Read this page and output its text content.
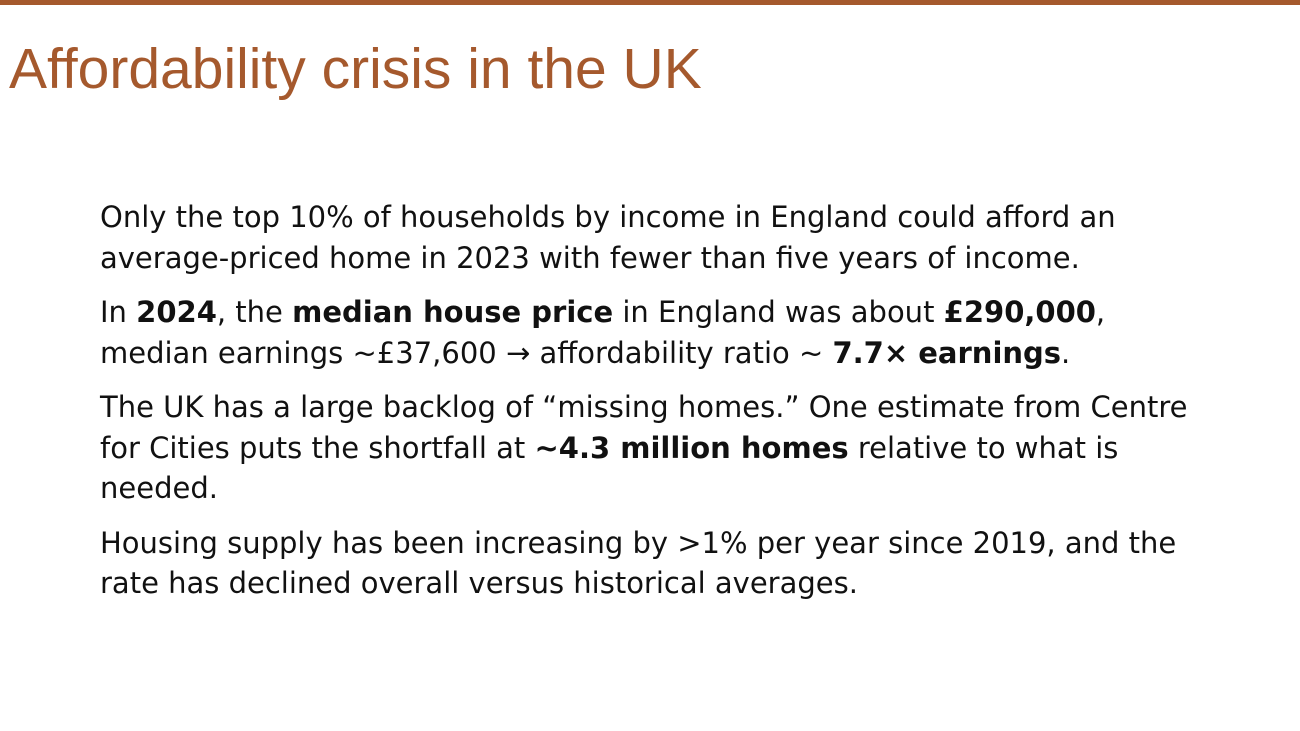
Affordability crisis in the UK

Only the top 10% of households by income in England could afford an average-priced home in 2023 with fewer than five years of income.

In 2024, the median house price in England was about £290,000, median earnings ~£37,600 → affordability ratio ~ 7.7× earnings.

The UK has a large backlog of “missing homes.” One estimate from Centre for Cities puts the shortfall at ~4.3 million homes relative to what is needed.

Housing supply has been increasing by >1% per year since 2019, and the rate has declined overall versus historical averages.
